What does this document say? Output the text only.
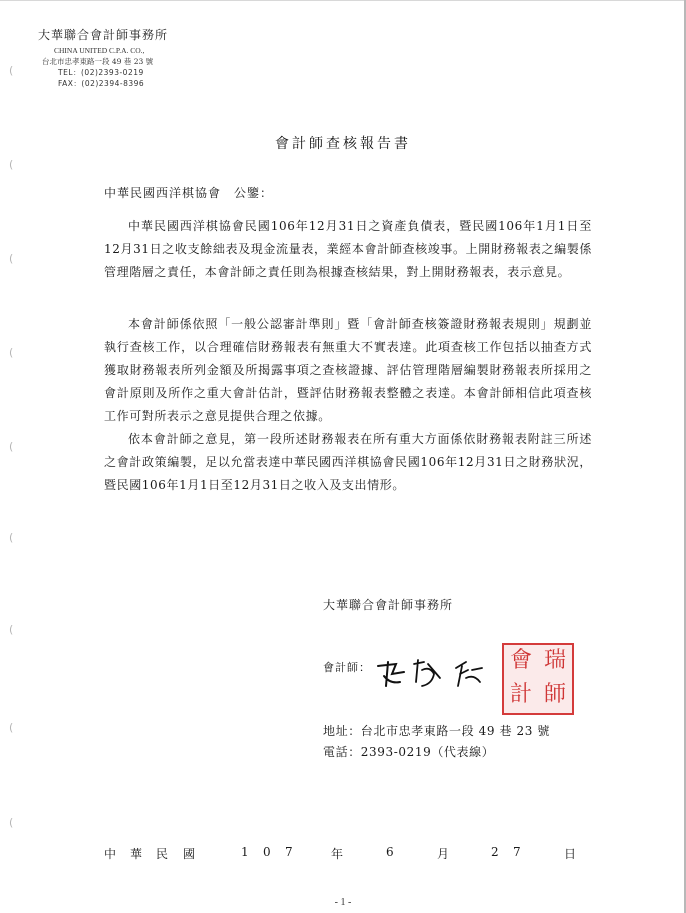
(
(
(
(
(
(
(
(
(
大華聯合會計師事務所
CHINA UNITED C.P.A. CO.,
台北市忠孝東路一段 49 巷 23 號
TEL：(02)2393-0219
FAX：(02)2394-8396
會計師查核報告書
中華民國西洋棋協會　公鑒：

中華民國西洋棋協會民國106年12月31日之資產負債表，暨民國106年1月1日至12月31日之收支餘絀表及現金流量表，業經本會計師查核竣事。上開財務報表之編製係管理階層之責任，本會計師之責任則為根據查核結果，對上開財務報表，表示意見。

本會計師係依照「一般公認審計準則」暨「會計師查核簽證財務報表規則」規劃並執行查核工作，以合理確信財務報表有無重大不實表達。此項查核工作包括以抽查方式獲取財務報表所列金額及所揭露事項之查核證據、評估管理階層編製財務報表所採用之會計原則及所作之重大會計估計，暨評估財務報表整體之表達。本會計師相信此項查核工作可對所表示之意見提供合理之依據。

依本會計師之意見，第一段所述財務報表在所有重大方面係依財務報表附註三所述之會計政策編製，足以允當表達中華民國西洋棋協會民國106年12月31日之財務狀況，暨民國106年1月1日至12月31日之收入及支出情形。

大華聯合會計師事務所
會計師：	會 瑞
計 師
地址：台北市忠孝東路一段 49 巷 23 號
電話：2393-0219（代表線）
中 華 民 國	1 0 7	年	6	月	2 7	日
- 1 -
